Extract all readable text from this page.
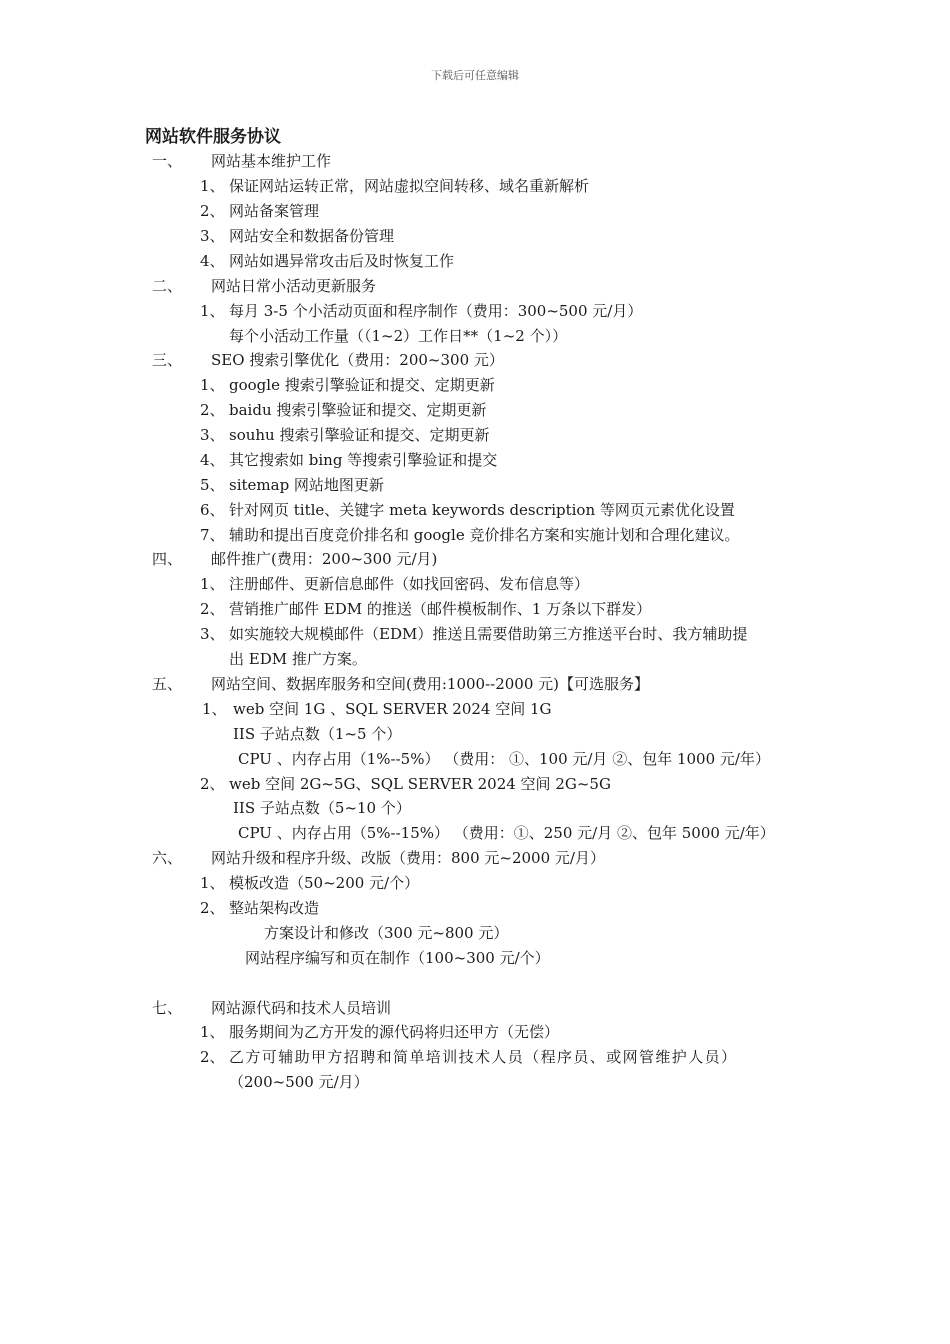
下载后可任意编辑
网站软件服务协议
一、 网站基本维护工作
1、 保证网站运转正常，网站虚拟空间转移、域名重新解析
2、 网站备案管理
3、 网站安全和数据备份管理
4、 网站如遇异常攻击后及时恢复工作
二、 网站日常小活动更新服务
1、 每月 3-5 个小活动页面和程序制作（费用：300~500 元/月）
每个小活动工作量（（1~2）工作日**（1~2 个））
三、 SEO 搜索引擎优化（费用：200~300 元）
1、 google 搜索引擎验证和提交、定期更新
2、 baidu 搜索引擎验证和提交、定期更新
3、 souhu 搜索引擎验证和提交、定期更新
4、 其它搜索如 bing 等搜索引擎验证和提交
5、 sitemap 网站地图更新
6、 针对网页 title、关键字 meta keywords description 等网页元素优化设置
7、 辅助和提出百度竞价排名和 google 竞价排名方案和实施计划和合理化建议。
四、 邮件推广(费用：200~300 元/月)
1、 注册邮件、更新信息邮件（如找回密码、发布信息等）
2、 营销推广邮件 EDM 的推送（邮件模板制作、1 万条以下群发）
3、 如实施较大规模邮件（EDM）推送且需要借助第三方推送平台时、我方辅助提
出 EDM 推广方案。
五、 网站空间、数据库服务和空间(费用:1000--2000 元)【可选服务】
1、 web 空间 1G 、SQL SERVER 2024 空间 1G
IIS 子站点数（1~5 个）
CPU 、内存占用（1%--5%） （费用： ①、100 元/月 ②、包年 1000 元/年）
2、 web 空间 2G~5G、SQL SERVER 2024 空间 2G~5G
IIS 子站点数（5~10 个）
CPU 、内存占用（5%--15%） （费用：①、250 元/月 ②、包年 5000 元/年）
六、 网站升级和程序升级、改版（费用：800 元~2000 元/月）
1、 模板改造（50~200 元/个）
2、 整站架构改造
方案设计和修改（300 元~800 元）
网站程序编写和页在制作（100~300 元/个）
七、 网站源代码和技术人员培训
1、 服务期间为乙方开发的源代码将归还甲方（无偿）
2、 乙方可辅助甲方招聘和简单培训技术人员（程序员、或网管维护人员）
（200~500 元/月）
